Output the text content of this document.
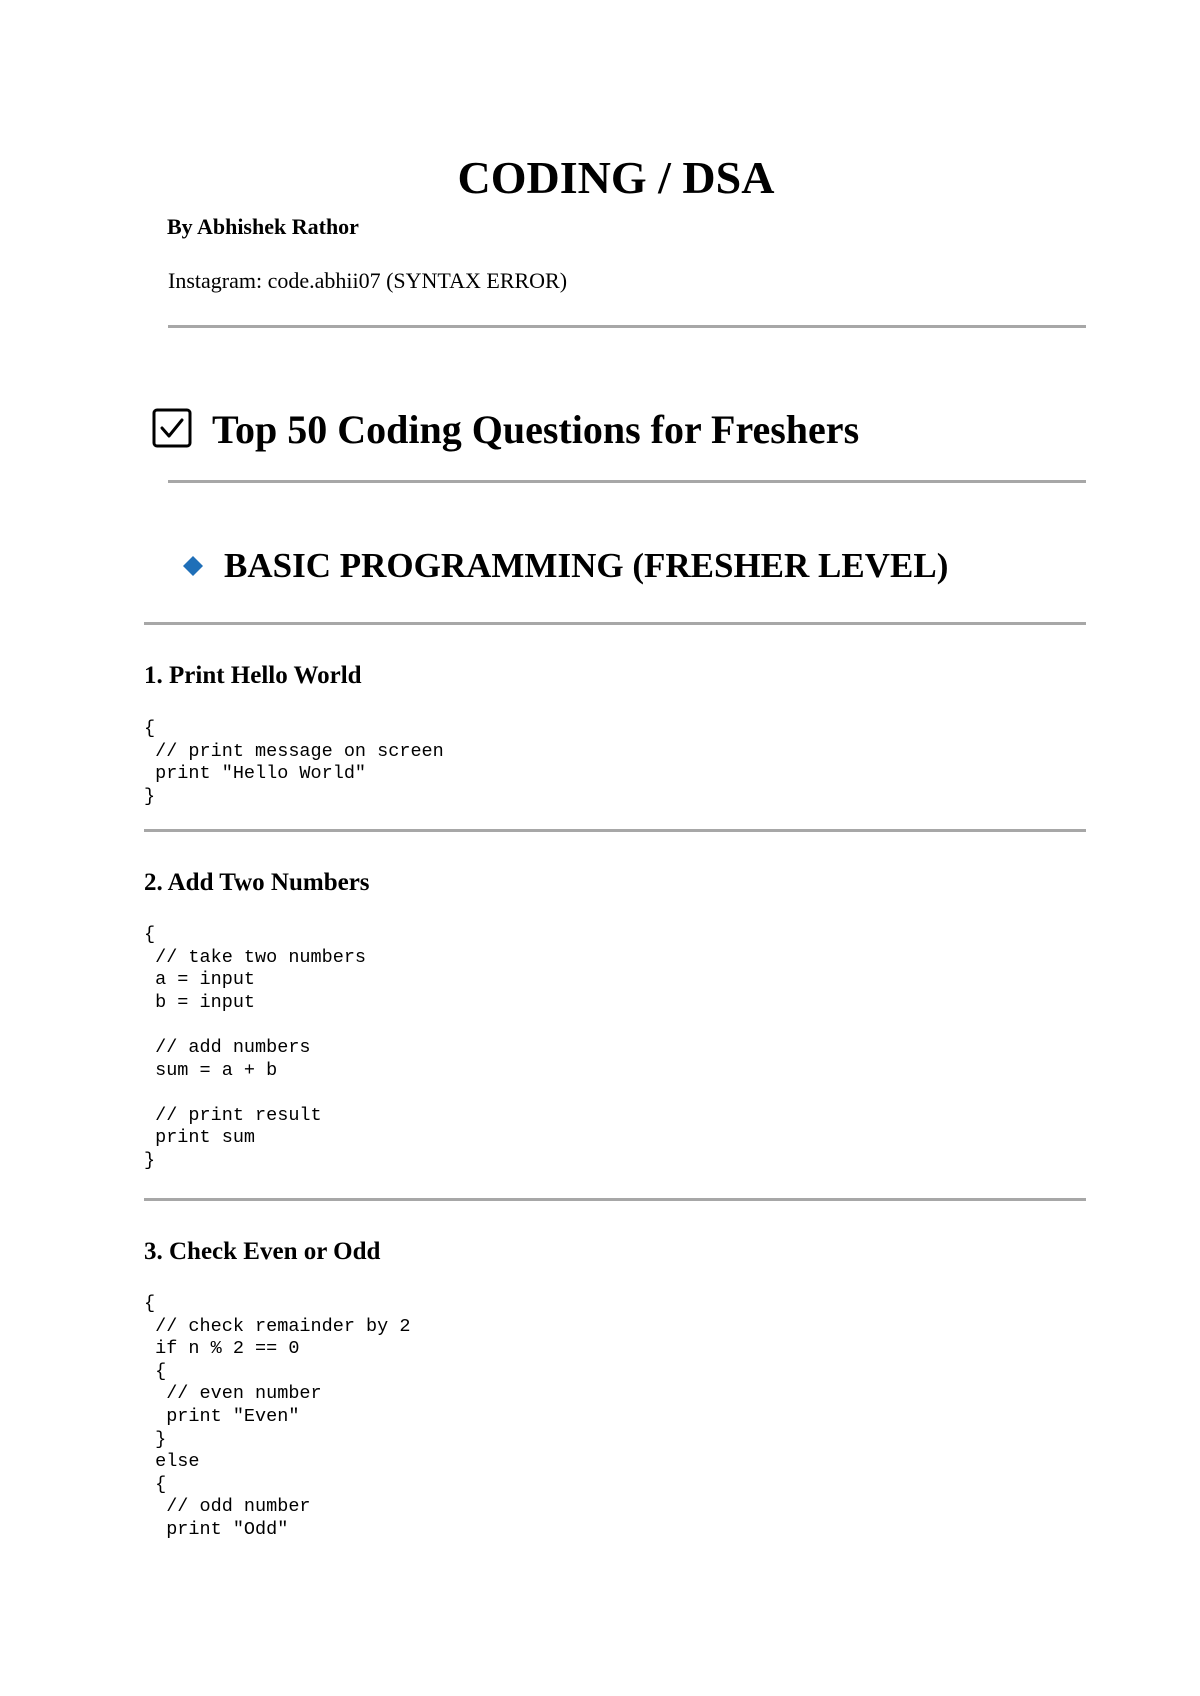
CODING / DSA
By Abhishek Rathor
Instagram: code.abhii07 (SYNTAX ERROR)
Top 50 Coding Questions for Freshers
BASIC PROGRAMMING (FRESHER LEVEL)
1. Print Hello World
{
// print message on screen
print "Hello World"
}
2. Add Two Numbers
{
// take two numbers
a = input
b = input

// add numbers
sum = a + b

// print result
print sum
}
3. Check Even or Odd
{
// check remainder by 2
if n % 2 == 0
{
// even number
print "Even"
}
else
{
// odd number
print "Odd"
